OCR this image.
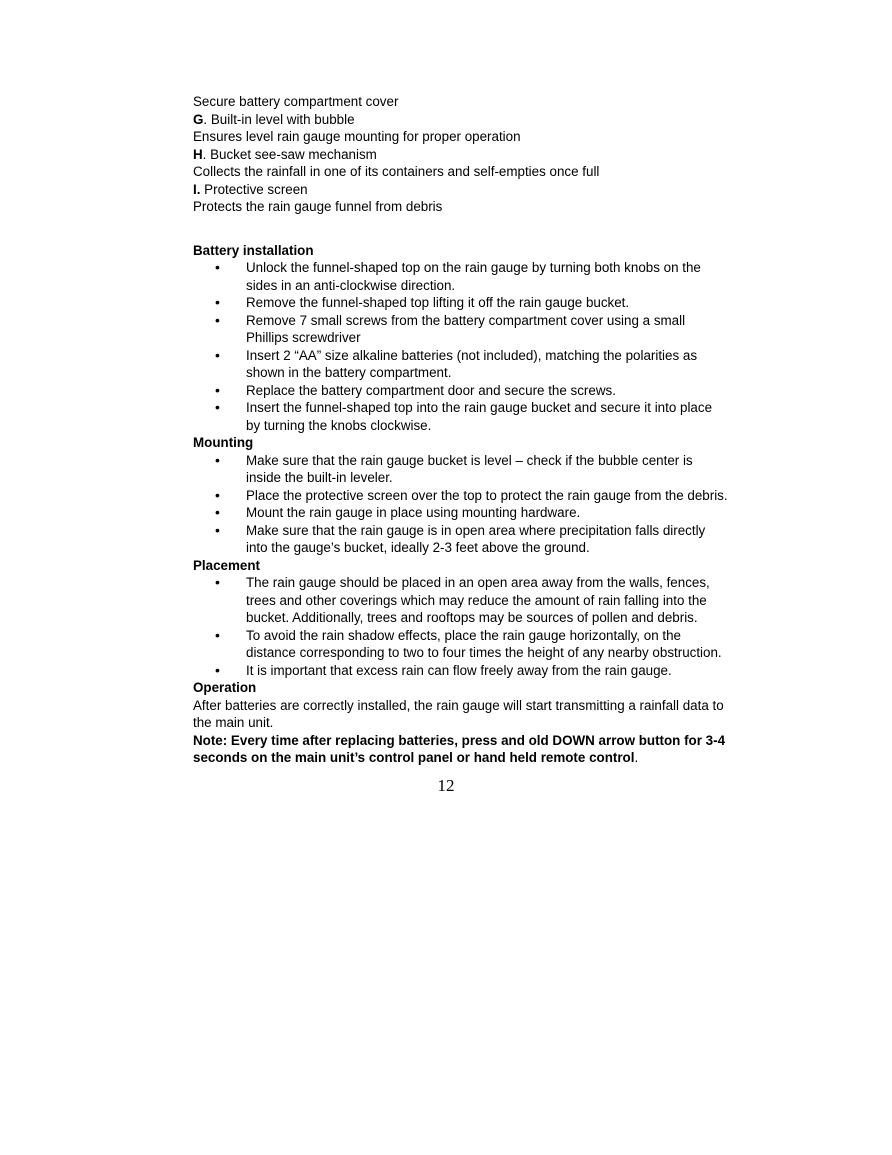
Secure battery compartment cover

G. Built-in level with bubble

Ensures level rain gauge mounting for proper operation

H. Bucket see-saw mechanism

Collects the rainfall in one of its containers and self-empties once full

I. Protective screen

Protects the rain gauge funnel from debris

Battery installation

• Unlock the funnel-shaped top on the rain gauge by turning both knobs on the sides in an anti-clockwise direction.
• Remove the funnel-shaped top lifting it off the rain gauge bucket.
• Remove 7 small screws from the battery compartment cover using a small Phillips screwdriver
• Insert 2 “AA” size alkaline batteries (not included), matching the polarities as shown in the battery compartment.
• Replace the battery compartment door and secure the screws.
• Insert the funnel-shaped top into the rain gauge bucket and secure it into place by turning the knobs clockwise.

Mounting

• Make sure that the rain gauge bucket is level – check if the bubble center is inside the built-in leveler.
• Place the protective screen over the top to protect the rain gauge from the debris.
• Mount the rain gauge in place using mounting hardware.
• Make sure that the rain gauge is in open area where precipitation falls directly into the gauge’s bucket, ideally 2-3 feet above the ground.

Placement

• The rain gauge should be placed in an open area away from the walls, fences, trees and other coverings which may reduce the amount of rain falling into the bucket. Additionally, trees and rooftops may be sources of pollen and debris.
• To avoid the rain shadow effects, place the rain gauge horizontally, on the distance corresponding to two to four times the height of any nearby obstruction.
• It is important that excess rain can flow freely away from the rain gauge.

Operation

After batteries are correctly installed, the rain gauge will start transmitting a rainfall data to the main unit.

Note: Every time after replacing batteries, press and old DOWN arrow button for 3-4 seconds on the main unit’s control panel or hand held remote control.

12
